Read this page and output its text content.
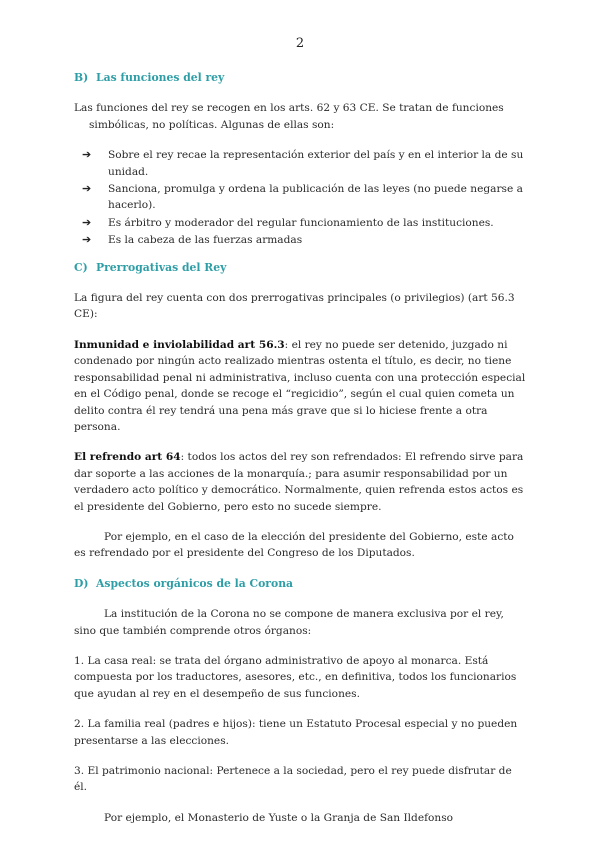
2
B) Las funciones del rey

Las funciones del rey se recogen en los arts. 62 y 63 CE. Se tratan de funciones simbólicas, no políticas. Algunas de ellas son:

➔ Sobre el rey recae la representación exterior del país y en el interior la de su unidad.
➔ Sanciona, promulga y ordena la publicación de las leyes (no puede negarse a hacerlo).
➔ Es árbitro y moderador del regular funcionamiento de las instituciones.
➔ Es la cabeza de las fuerzas armadas
C) Prerrogativas del Rey

La figura del rey cuenta con dos prerrogativas principales (o privilegios) (art 56.3 CE):

Inmunidad e inviolabilidad art 56.3: el rey no puede ser detenido, juzgado ni condenado por ningún acto realizado mientras ostenta el título, es decir, no tiene responsabilidad penal ni administrativa, incluso cuenta con una protección especial en el Código penal, donde se recoge el “regicidio”, según el cual quien cometa un delito contra él rey tendrá una pena más grave que si lo hiciese frente a otra persona.

El refrendo art 64: todos los actos del rey son refrendados: El refrendo sirve para dar soporte a las acciones de la monarquía.; para asumir responsabilidad por un verdadero acto político y democrático. Normalmente, quien refrenda estos actos es el presidente del Gobierno, pero esto no sucede siempre.

Por ejemplo, en el caso de la elección del presidente del Gobierno, este acto es refrendado por el presidente del Congreso de los Diputados.

D) Aspectos orgánicos de la Corona

La institución de la Corona no se compone de manera exclusiva por el rey, sino que también comprende otros órganos:

1. La casa real: se trata del órgano administrativo de apoyo al monarca. Está compuesta por los traductores, asesores, etc., en definitiva, todos los funcionarios que ayudan al rey en el desempeño de sus funciones.

2. La familia real (padres e hijos): tiene un Estatuto Procesal especial y no pueden presentarse a las elecciones.

3. El patrimonio nacional: Pertenece a la sociedad, pero el rey puede disfrutar de él.

Por ejemplo, el Monasterio de Yuste o la Granja de San Ildefonso
